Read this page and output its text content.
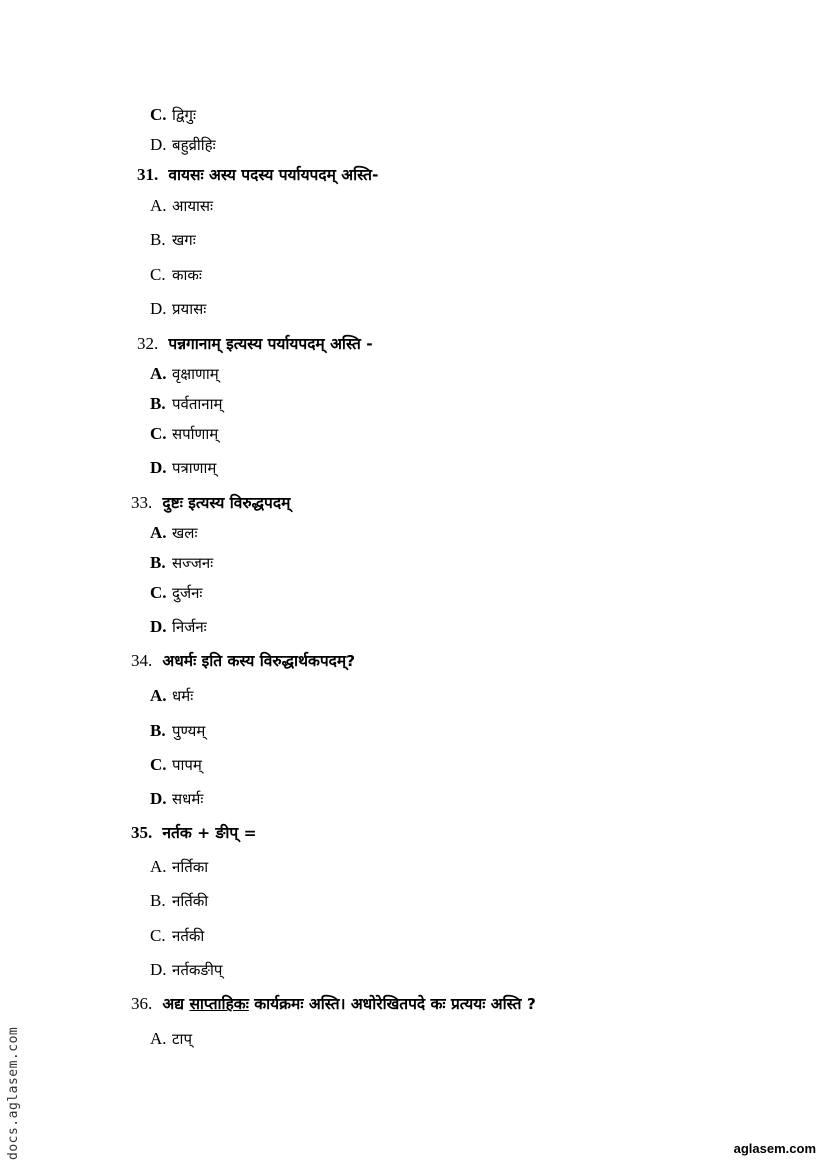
C. द्विगुः
D. बहुव्रीहिः
31. वायसः अस्य पदस्य पर्यायपदम् अस्ति-
A. आयासः
B. खगः
C. काकः
D. प्रयासः
32. पन्नगानाम् इत्यस्य पर्यायपदम् अस्ति -
A. वृक्षाणाम्
B. पर्वतानाम्
C. सर्पाणाम्
D. पत्राणाम्
33. दुष्टः इत्यस्य विरुद्धपदम्
A. खलः
B. सज्जनः
C. दुर्जनः
D. निर्जनः
34. अधर्मः इति कस्य विरुद्धार्थकपदम्?
A. धर्मः
B. पुण्यम्
C. पापम्
D. सधर्मः
35. नर्तक + ङीप् =
A. नर्तिका
B. नर्तिकी
C. नर्तकी
D. नर्तकङीप्
36. अद्य साप्ताहिकः कार्यक्रमः अस्ति। अधोरेखितपदे कः प्रत्ययः अस्ति ?
A. टाप्
docs.aglasem.com	aglasem.com
